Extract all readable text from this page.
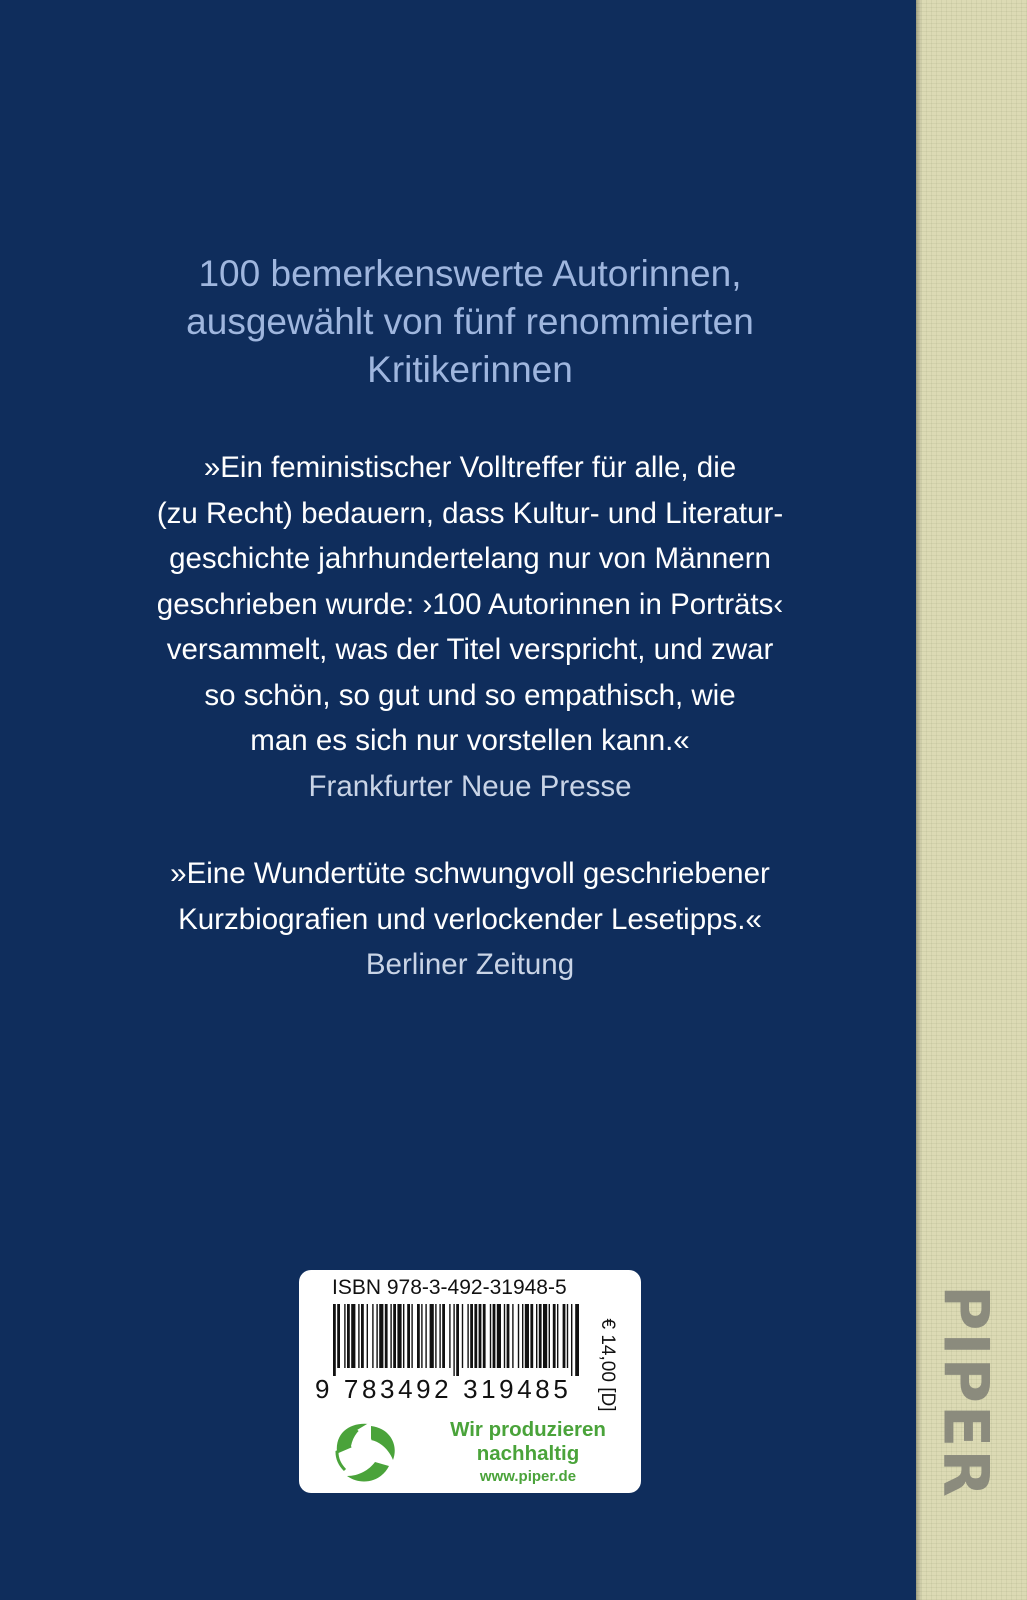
100 bemerkenswerte Autorinnen,
ausgewählt von fünf renommierten
Kritikerinnen
»Ein feministischer Volltreffer für alle, die
(zu Recht) bedauern, dass Kultur- und Literatur-
geschichte jahrhundertelang nur von Männern
geschrieben wurde: ›100 Autorinnen in Porträts‹
versammelt, was der Titel verspricht, und zwar
so schön, so gut und so empathisch, wie
man es sich nur vorstellen kann.«
Frankfurter Neue Presse
»Eine Wundertüte schwungvoll geschriebener
Kurzbiografien und verlockender Lesetipps.«
Berliner Zeitung
ISBN 978-3-492-31948-5
9 783492 319485 € 14,00 [D]
Wir produzieren
nachhaltig
www.piper.de	PIPER
